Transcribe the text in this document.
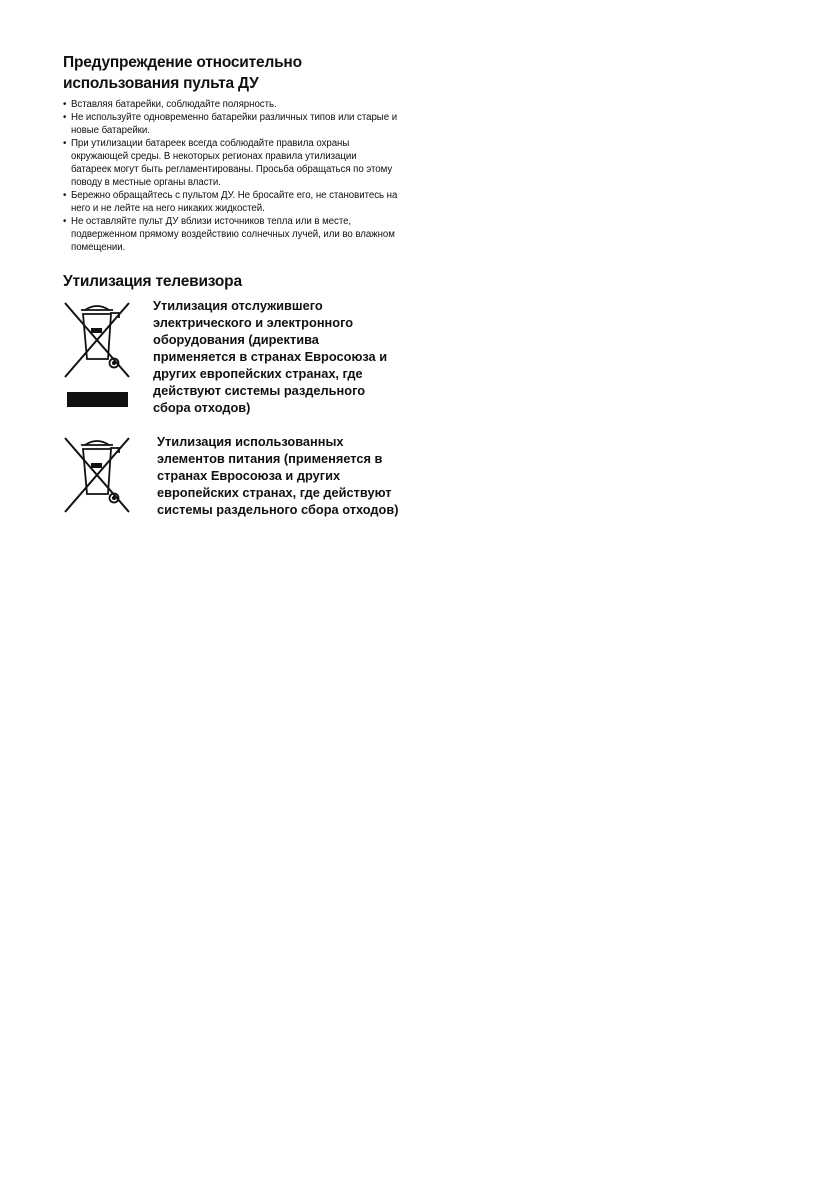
Предупреждение относительно
использования пульта ДУ
• Вставляя батарейки, соблюдайте полярность.
• Не используйте одновременно батарейки различных типов или старые и новые батарейки.
• При утилизации батареек всегда соблюдайте правила охраны окружающей среды. В некоторых регионах правила утилизации батареек могут быть регламентированы. Просьба обращаться по этому поводу в местные органы власти.
• Бережно обращайтесь с пультом ДУ. Не бросайте его, не становитесь на него и не лейте на него никаких жидкостей.
• Не оставляйте пульт ДУ вблизи источников тепла или в месте, подверженном прямому воздействию солнечных лучей, или во влажном помещении.
Утилизация телевизора

Утилизация отслужившего электрического и электронного оборудования (директива применяется в странах Евросоюза и других европейских странах, где действуют системы раздельного сбора отходов)

Утилизация использованных элементов питания (применяется в странах Евросоюза и других европейских странах, где действуют системы раздельного сбора отходов)
